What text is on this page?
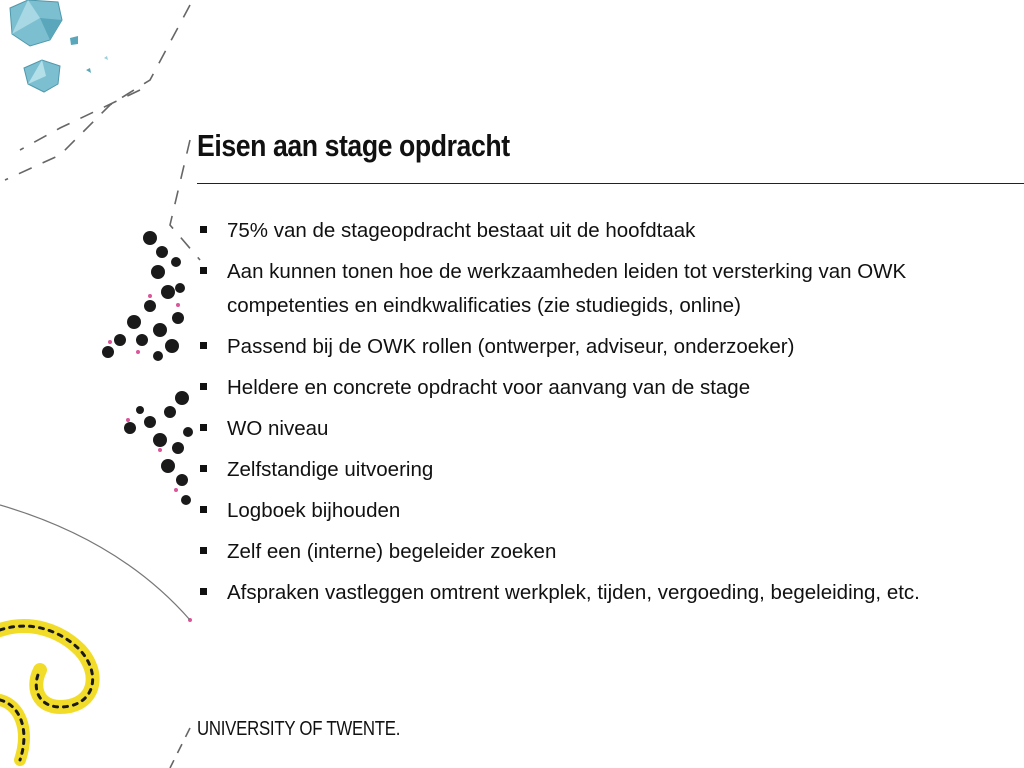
Eisen aan stage opdracht
75% van de stageopdracht bestaat uit de hoofdtaak
Aan kunnen tonen hoe de werkzaamheden leiden tot versterking van OWK competenties en eindkwalificaties (zie studiegids, online)
Passend bij de OWK rollen (ontwerper, adviseur, onderzoeker)
Heldere en concrete opdracht voor aanvang van de stage
WO niveau
Zelfstandige uitvoering
Logboek bijhouden
Zelf een (interne) begeleider zoeken
Afspraken vastleggen omtrent werkplek, tijden, vergoeding, begeleiding, etc.
UNIVERSITY OF TWENTE.
